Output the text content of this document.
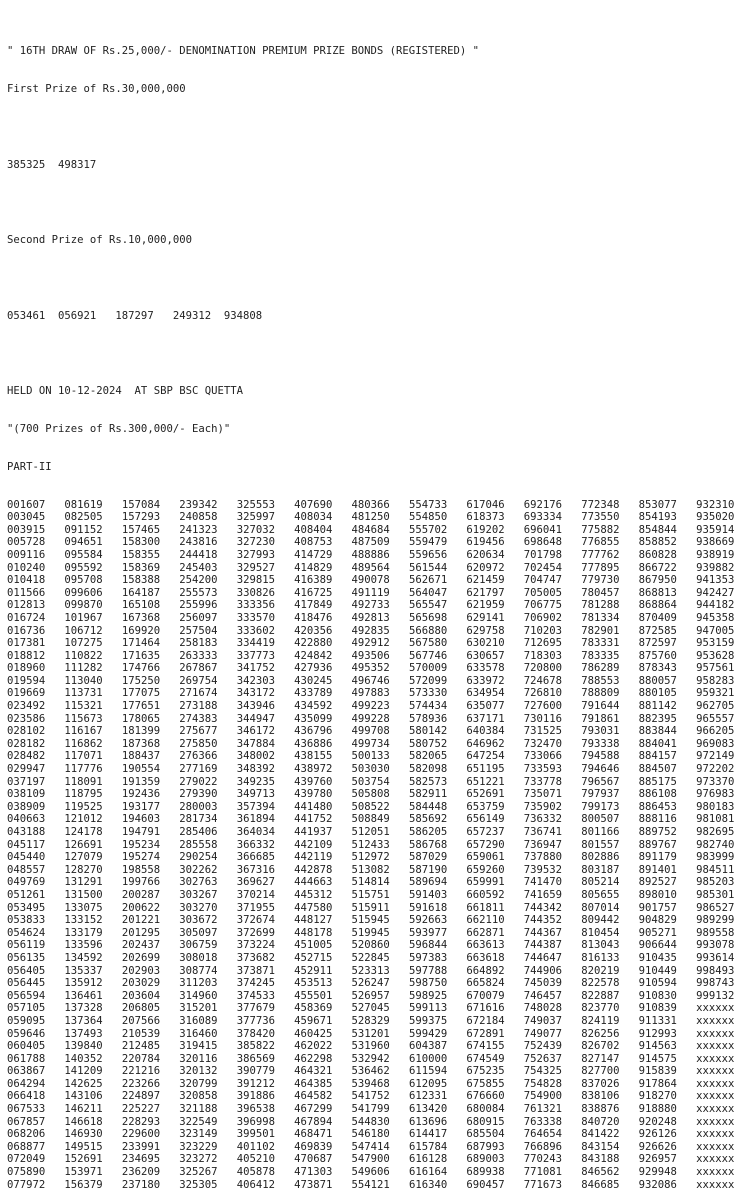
" 16TH DRAW OF Rs.25,000/- DENOMINATION PREMIUM PRIZE BONDS (REGISTERED) "

First Prize of Rs.30,000,000

385325  498317

Second Prize of Rs.10,000,000

053461  056921   187297   249312  934808

HELD ON 10-12-2024  AT SBP BSC QUETTA

"(700 Prizes of Rs.300,000/- Each)"

PART-II

001607 081619 157084 239342 325553 407690 480366 554733 617046 692176 772348 853077 932310
003045 082505 157293 240858 325997 408034 481250 554850 618373 693334 773550 854193 935020
003915 091152 157465 241323 327032 408404 484684 555702 619202 696041 775882 854844 935914
005728 094651 158300 243816 327230 408753 487509 559479 619456 698648 776855 858852 938669
009116 095584 158355 244418 327993 414729 488886 559656 620634 701798 777762 860828 938919
010240 095592 158369 245403 329527 414829 489564 561544 620972 702454 777895 866722 939882
010418 095708 158388 254200 329815 416389 490078 562671 621459 704747 779730 867950 941353
011566 099606 164187 255573 330826 416725 491119 564047 621797 705005 780457 868813 942427
012813 099870 165108 255996 333356 417849 492733 565547 621959 706775 781288 868864 944182
016724 101967 167368 256097 333570 418476 492813 565698 629141 706902 781334 870409 945358
016736 106712 169920 257504 333602 420356 492835 566880 629758 710203 782901 872585 947005
017381 107275 171464 258183 334419 422880 492912 567580 630210 712695 783331 872597 953159
018812 110822 171635 263333 337773 424842 493506 567746 630657 718303 783335 875760 953628
018960 111282 174766 267867 341752 427936 495352 570009 633578 720800 786289 878343 957561
019594 113040 175250 269754 342303 430245 496746 572099 633972 724678 788553 880057 958283
019669 113731 177075 271674 343172 433789 497883 573330 634954 726810 788809 880105 959321
023492 115321 177651 273188 343946 434592 499223 574434 635077 727600 791644 881142 962705
023586 115673 178065 274383 344947 435099 499228 578936 637171 730116 791861 882395 965557
028102 116167 181399 275677 346172 436796 499708 580142 640384 731525 793031 883844 966205
028182 116862 187368 275850 347884 436886 499734 580752 646962 732470 793338 884041 969083
028482 117071 188437 276366 348002 438155 500133 582065 647254 733066 794588 884157 972149
029947 117776 190554 277169 348392 438972 503030 582098 651195 733593 794646 884507 972202
037197 118091 191359 279022 349235 439760 503754 582573 651221 733778 796567 885175 973370
038109 118795 192436 279390 349713 439780 505808 582911 652691 735071 797937 886108 976983
038909 119525 193177 280003 357394 441480 508522 584448 653759 735902 799173 886453 980183
040663 121012 194603 281734 361894 441752 508849 585692 656149 736332 800507 888116 981081
043188 124178 194791 285406 364034 441937 512051 586205 657237 736741 801166 889752 982695
045117 126691 195234 285558 366332 442109 512433 586768 657290 736947 801557 889767 982740
045440 127079 195274 290254 366685 442119 512972 587029 659061 737880 802886 891179 983999
048557 128270 198558 302262 367316 442878 513082 587190 659260 739532 803187 891401 984511
049769 131291 199766 302763 369627 444663 514814 589694 659991 741470 805214 892527 985203
051261 131500 200287 303267 370214 445312 515751 591403 660592 741659 805655 898010 985301
053495 133075 200622 303270 371955 447580 515911 591618 661811 744342 807014 901757 986527
053833 133152 201221 303672 372674 448127 515945 592663 662110 744352 809442 904829 989299
054624 133179 201295 305097 372699 448178 519945 593977 662871 744367 810454 905271 989558
056119 133596 202437 306759 373224 451005 520860 596844 663613 744387 813043 906644 993078
056135 134592 202699 308018 373682 452715 522845 597383 663618 744647 816133 910435 993614
056405 135337 202903 308774 373871 452911 523313 597788 664892 744906 820219 910449 998493
056445 135912 203029 311203 374245 453513 526247 598750 665824 745039 822578 910594 998743
056594 136461 203604 314960 374533 455501 526957 598925 670079 746457 822887 910830 999132
057105 137328 206805 315201 377679 458369 527045 599113 671616 748028 823770 910839 xxxxxx
059095 137364 207566 316089 377736 459671 528329 599375 672184 749037 824119 911331 xxxxxx
059646 137493 210539 316460 378420 460425 531201 599429 672891 749077 826256 912993 xxxxxx
060405 139840 212485 319415 385822 462022 531960 604387 674155 752439 826702 914563 xxxxxx
061788 140352 220784 320116 386569 462298 532942 610000 674549 752637 827147 914575 xxxxxx
063867 141209 221216 320132 390779 464321 536462 611594 675235 754325 827700 915839 xxxxxx
064294 142625 223266 320799 391212 464385 539468 612095 675855 754828 837026 917864 xxxxxx
066418 143106 224897 320858 391886 464582 541752 612331 676660 754900 838106 918270 xxxxxx
067533 146211 225227 321188 396538 467299 541799 613420 680084 761321 838876 918880 xxxxxx
067857 146618 228293 322549 396998 467894 544830 613696 680915 763338 840720 920248 xxxxxx
068206 146930 229600 323149 399501 468471 546180 614417 685504 764654 841422 926126 xxxxxx
068877 149515 233991 323229 401102 469839 547414 615784 687993 766896 843154 926626 xxxxxx
072049 152691 234695 323272 405210 470687 547900 616128 689003 770243 843188 926957 xxxxxx
075890 153971 236209 325267 405878 471303 549606 616164 689938 771081 846562 929948 xxxxxx
077972 156379 237180 325305 406412 473871 554121 616340 690457 771673 846685 932086 xxxxxx
